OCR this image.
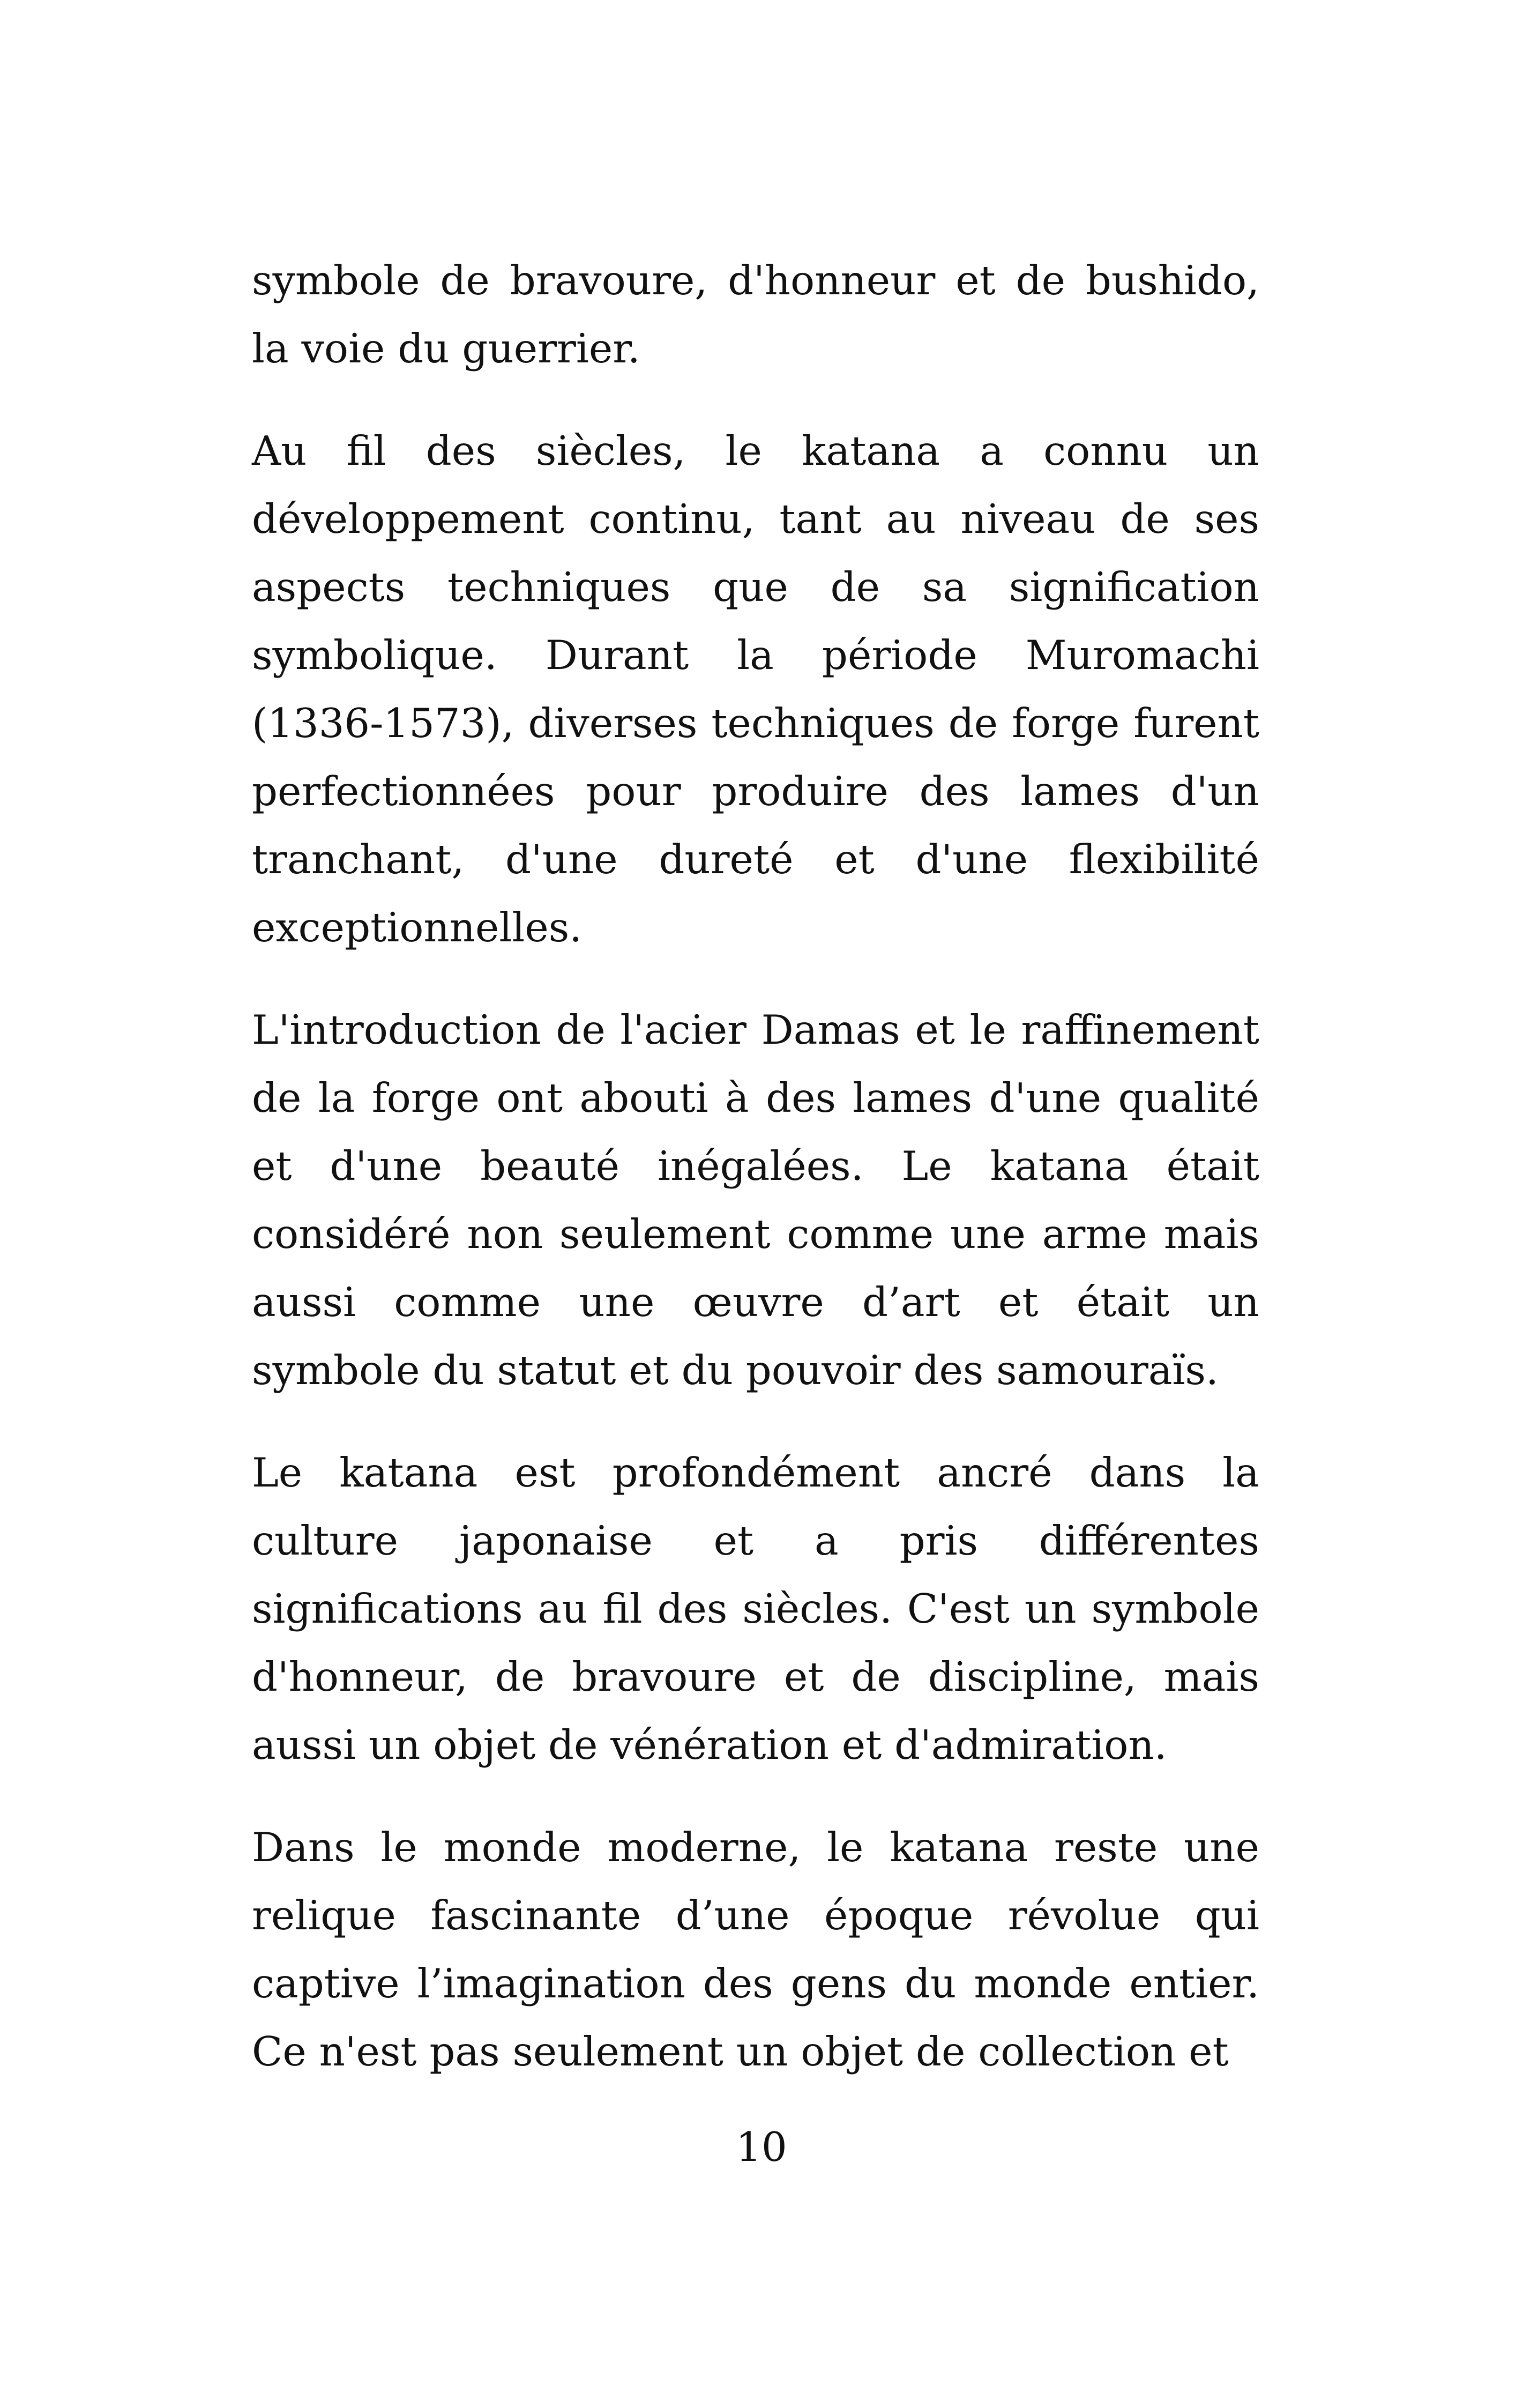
symbole de bravoure, d'honneur et de bushido, la voie du guerrier.

Au fil des siècles, le katana a connu un développement continu, tant au niveau de ses aspects techniques que de sa signification symbolique. Durant la période Muromachi (1336-1573), diverses techniques de forge furent perfectionnées pour produire des lames d'un tranchant, d'une dureté et d'une flexibilité exceptionnelles.

L'introduction de l'acier Damas et le raffinement de la forge ont abouti à des lames d'une qualité et d'une beauté inégalées. Le katana était considéré non seulement comme une arme mais aussi comme une œuvre d’art et était un symbole du statut et du pouvoir des samouraïs.

Le katana est profondément ancré dans la culture japonaise et a pris différentes significations au fil des siècles. C'est un symbole d'honneur, de bravoure et de discipline, mais aussi un objet de vénération et d'admiration.

Dans le monde moderne, le katana reste une relique fascinante d’une époque révolue qui captive l’imagination des gens du monde entier. Ce n'est pas seulement un objet de collection et

10
